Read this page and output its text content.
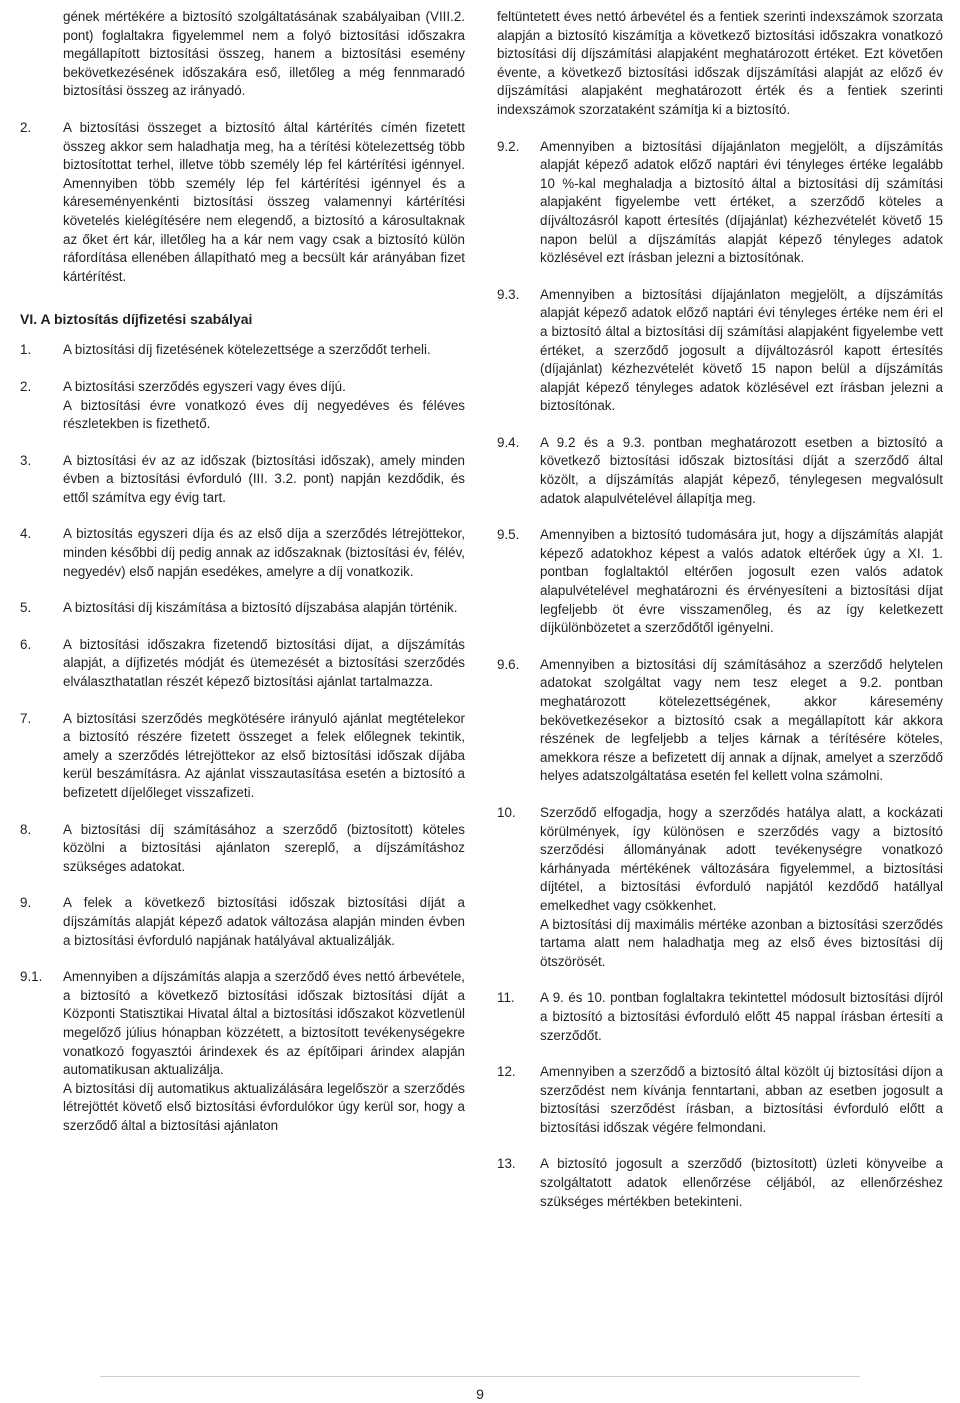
gének mértékére a biztosító szolgáltatásának szabályaiban (VIII.2. pont) foglaltakra figyelemmel nem a folyó biztosítási időszakra megállapított biztosítási összeg, hanem a biztosítási esemény bekövetkezésének időszakára eső, illetőleg a még fennmaradó biztosítási összeg az irányadó.
2.	A biztosítási összeget a biztosító által kártérítés címén fizetett összeg akkor sem haladhatja meg, ha a térítési kötelezettség több biztosítottat terhel, illetve több személy lép fel kártérítési igénnyel. Amennyiben több személy lép fel kártérítési igénnyel és a káreseményenkénti biztosítási összeg valamennyi kártérítési követelés kielégítésére nem elegendő, a biztosító a károsultaknak az őket ért kár, illetőleg ha a kár nem vagy csak a biztosító külön ráfordítása ellenében állapítható meg a becsült kár arányában fizet kártérítést.
VI. A biztosítás díjfizetési szabályai
1.	A biztosítási díj fizetésének kötelezettsége a szerződőt terheli.
2.	A biztosítási szerződés egyszeri vagy éves díjú.
A biztosítási évre vonatkozó éves díj negyedéves és féléves részletekben is fizethető.
3.	A biztosítási év az az időszak (biztosítási időszak), amely minden évben a biztosítási évforduló (III. 3.2. pont) napján kezdődik, és ettől számítva egy évig tart.
4.	A biztosítás egyszeri díja és az első díja a szerződés létrejöttekor, minden későbbi díj pedig annak az időszaknak (biztosítási év, félév, negyedév) első napján esedékes, amelyre a díj vonatkozik.
5.	A biztosítási díj kiszámítása a biztosító díjszabása alapján történik.
6.	A biztosítási időszakra fizetendő biztosítási díjat, a díjszámítás alapját, a díjfizetés módját és ütemezését a biztosítási szerződés elválaszthatatlan részét képező biztosítási ajánlat tartalmazza.
7.	A biztosítási szerződés megkötésére irányuló ajánlat megtételekor a biztosító részére fizetett összeget a felek előlegnek tekintik, amely a szerződés létrejöttekor az első biztosítási időszak díjába kerül beszámításra. Az ajánlat visszautasítása esetén a biztosító a befizetett díjelőleget visszafizeti.
8.	A biztosítási díj számításához a szerződő (biztosított) köteles közölni a biztosítási ajánlaton szereplő, a díjszámításhoz szükséges adatokat.
9.	A felek a következő biztosítási időszak biztosítási díját a díjszámítás alapját képező adatok változása alapján minden évben a biztosítási évforduló napjának hatályával aktualizálják.
9.1.	Amennyiben a díjszámítás alapja a szerződő éves nettó árbevétele, a biztosító a következő biztosítási időszak biztosítási díját a Központi Statisztikai Hivatal által a biztosítási időszakot közvetlenül megelőző július hónapban közzétett, a biztosított tevékenységekre vonatkozó fogyasztói árindexek és az építőipari árindex alapján automatikusan aktualizálja.
A biztosítási díj automatikus aktualizálására legelőször a szerződés létrejöttét követő első biztosítási évfordulókor úgy kerül sor, hogy a szerződő által a biztosítási ajánlaton
feltüntetett éves nettó árbevétel és a fentiek szerinti indexszámok szorzata alapján a biztosító kiszámítja a következő biztosítási időszakra vonatkozó biztosítási díj díjszámítási alapjaként meghatározott értéket. Ezt követően évente, a következő biztosítási időszak díjszámítási alapját az előző év díjszámítási alapjaként meghatározott érték és a fentiek szerinti indexszámok szorzataként számítja ki a biztosító.
9.2.	Amennyiben a biztosítási díjajánlaton megjelölt, a díjszámítás alapját képező adatok előző naptári évi tényleges értéke legalább 10 %-kal meghaladja a biztosító által a biztosítási díj számítási alapjaként figyelembe vett értéket, a szerződő köteles a díjváltozásról kapott értesítés (díjajánlat) kézhezvételét követő 15 napon belül a díjszámítás alapját képező tényleges adatok közlésével ezt írásban jelezni a biztosítónak.
9.3.	Amennyiben a biztosítási díjajánlaton megjelölt, a díjszámítás alapját képező adatok előző naptári évi tényleges értéke nem éri el a biztosító által a biztosítási díj számítási alapjaként figyelembe vett értéket, a szerződő jogosult a díjváltozásról kapott értesítés (díjajánlat) kézhezvételét követő 15 napon belül a díjszámítás alapját képező tényleges adatok közlésével ezt írásban jelezni a biztosítónak.
9.4.	A 9.2 és a 9.3. pontban meghatározott esetben a biztosító a következő biztosítási időszak biztosítási díját a szerződő által közölt, a díjszámítás alapját képező, ténylegesen megvalósult adatok alapulvételével állapítja meg.
9.5.	Amennyiben a biztosító tudomására jut, hogy a díjszámítás alapját képező adatokhoz képest a valós adatok eltérőek úgy a XI. 1. pontban foglaltaktól eltérően jogosult ezen valós adatok alapulvételével meghatározni és érvényesíteni a biztosítási díjat legfeljebb öt évre visszamenőleg, és az így keletkezett díjkülönbözetet a szerződőtől igényelni.
9.6.	Amennyiben a biztosítási díj számításához a szerződő helytelen adatokat szolgáltat vagy nem tesz eleget a 9.2. pontban meghatározott kötelezettségének, akkor káresemény bekövetkezésekor a biztosító csak a megállapított kár akkora részének de legfeljebb a teljes kárnak a térítésére köteles, amekkora része a befizetett díj annak a díjnak, amelyet a szerződő helyes adatszolgáltatása esetén fel kellett volna számolni.
10.	Szerződő elfogadja, hogy a szerződés hatálya alatt, a kockázati körülmények, így különösen e szerződés vagy a biztosító szerződési állományának adott tevékenységre vonatkozó kárhányada mértékének változására figyelemmel, a biztosítási díjtétel, a biztosítási évforduló napjától kezdődő hatállyal emelkedhet vagy csökkenhet.
A biztosítási díj maximális mértéke azonban a biztosítási szerződés tartama alatt nem haladhatja meg az első éves biztosítási díj ötszörösét.
11.	A 9. és 10. pontban foglaltakra tekintettel módosult biztosítási díjról a biztosító a biztosítási évforduló előtt 45 nappal írásban értesíti a szerződőt.
12.	Amennyiben a szerződő a biztosító által közölt új biztosítási díjon a szerződést nem kívánja fenntartani, abban az esetben jogosult a biztosítási szerződést írásban, a biztosítási évforduló előtt a biztosítási időszak végére felmondani.
13.	A biztosító jogosult a szerződő (biztosított) üzleti könyveibe a szolgáltatott adatok ellenőrzése céljából, az ellenőrzéshez szükséges mértékben betekinteni.
9
